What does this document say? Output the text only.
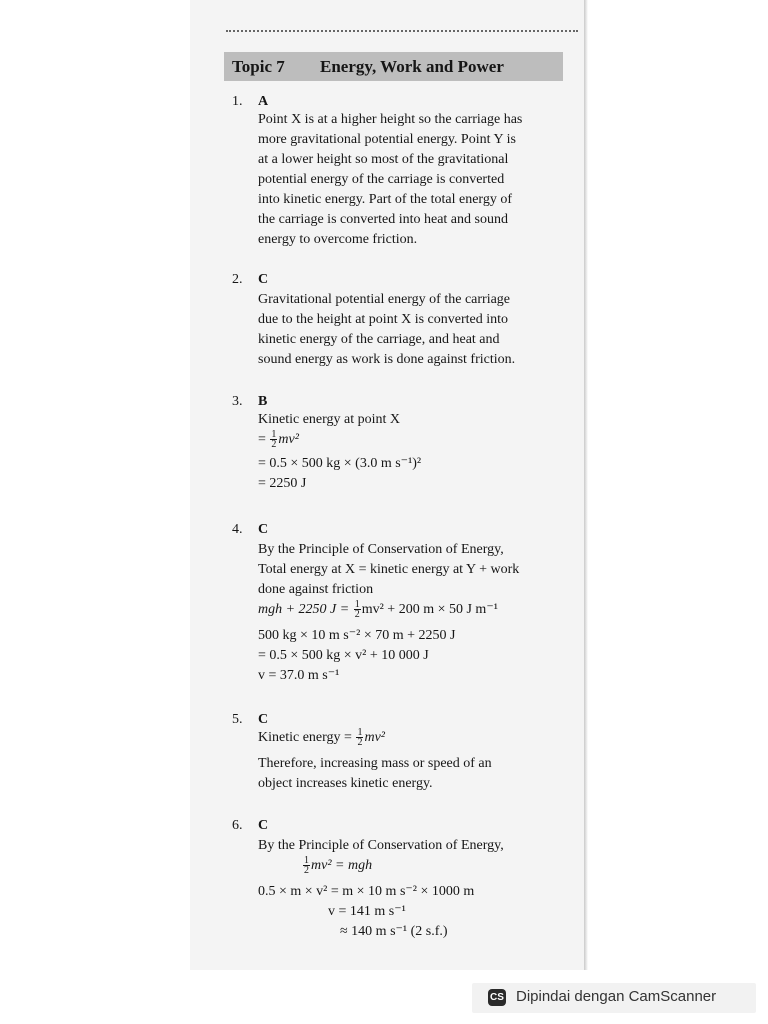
Topic 7 Energy, Work and Power
1. A
Point X is at a higher height so the carriage has
more gravitational potential energy. Point Y is
at a lower height so most of the gravitational
potential energy of the carriage is converted
into kinetic energy. Part of the total energy of
the carriage is converted into heat and sound
energy to overcome friction.
2. C
Gravitational potential energy of the carriage
due to the height at point X is converted into
kinetic energy of the carriage, and heat and
sound energy as work is done against friction.
3. B
Kinetic energy at point X
= $\frac{1}{2} mv^2$
= 0.5 × 500 kg × (3.0 m s⁻¹)²
= 2250 J
4. C
By the Principle of Conservation of Energy,
Total energy at X = kinetic energy at Y + work
done against friction
mgh + 2250 $J = \frac{1}{2} mv^2 + 200$ m × 50 J m⁻¹
500 kg × 10 m s⁻² × 70 m + 2250 J
= 0.5 × 500 kg × v² + 10 000 J
v = 37.0 m s⁻¹
5. C
Kinetic energy = $\frac{1}{2} mv^2$
Therefore, increasing mass or speed of an
object increases kinetic energy.
6. C
By the Principle of Conservation of Energy,
$\frac{1}{2} mv^2$ = mgh
0.5 × m × v² = m × 10 m s⁻² × 1000 m
v = 141 m s⁻¹
≈ 140 m s⁻¹ (2 s.f.)
CS Dipindai dengan CamScanner
